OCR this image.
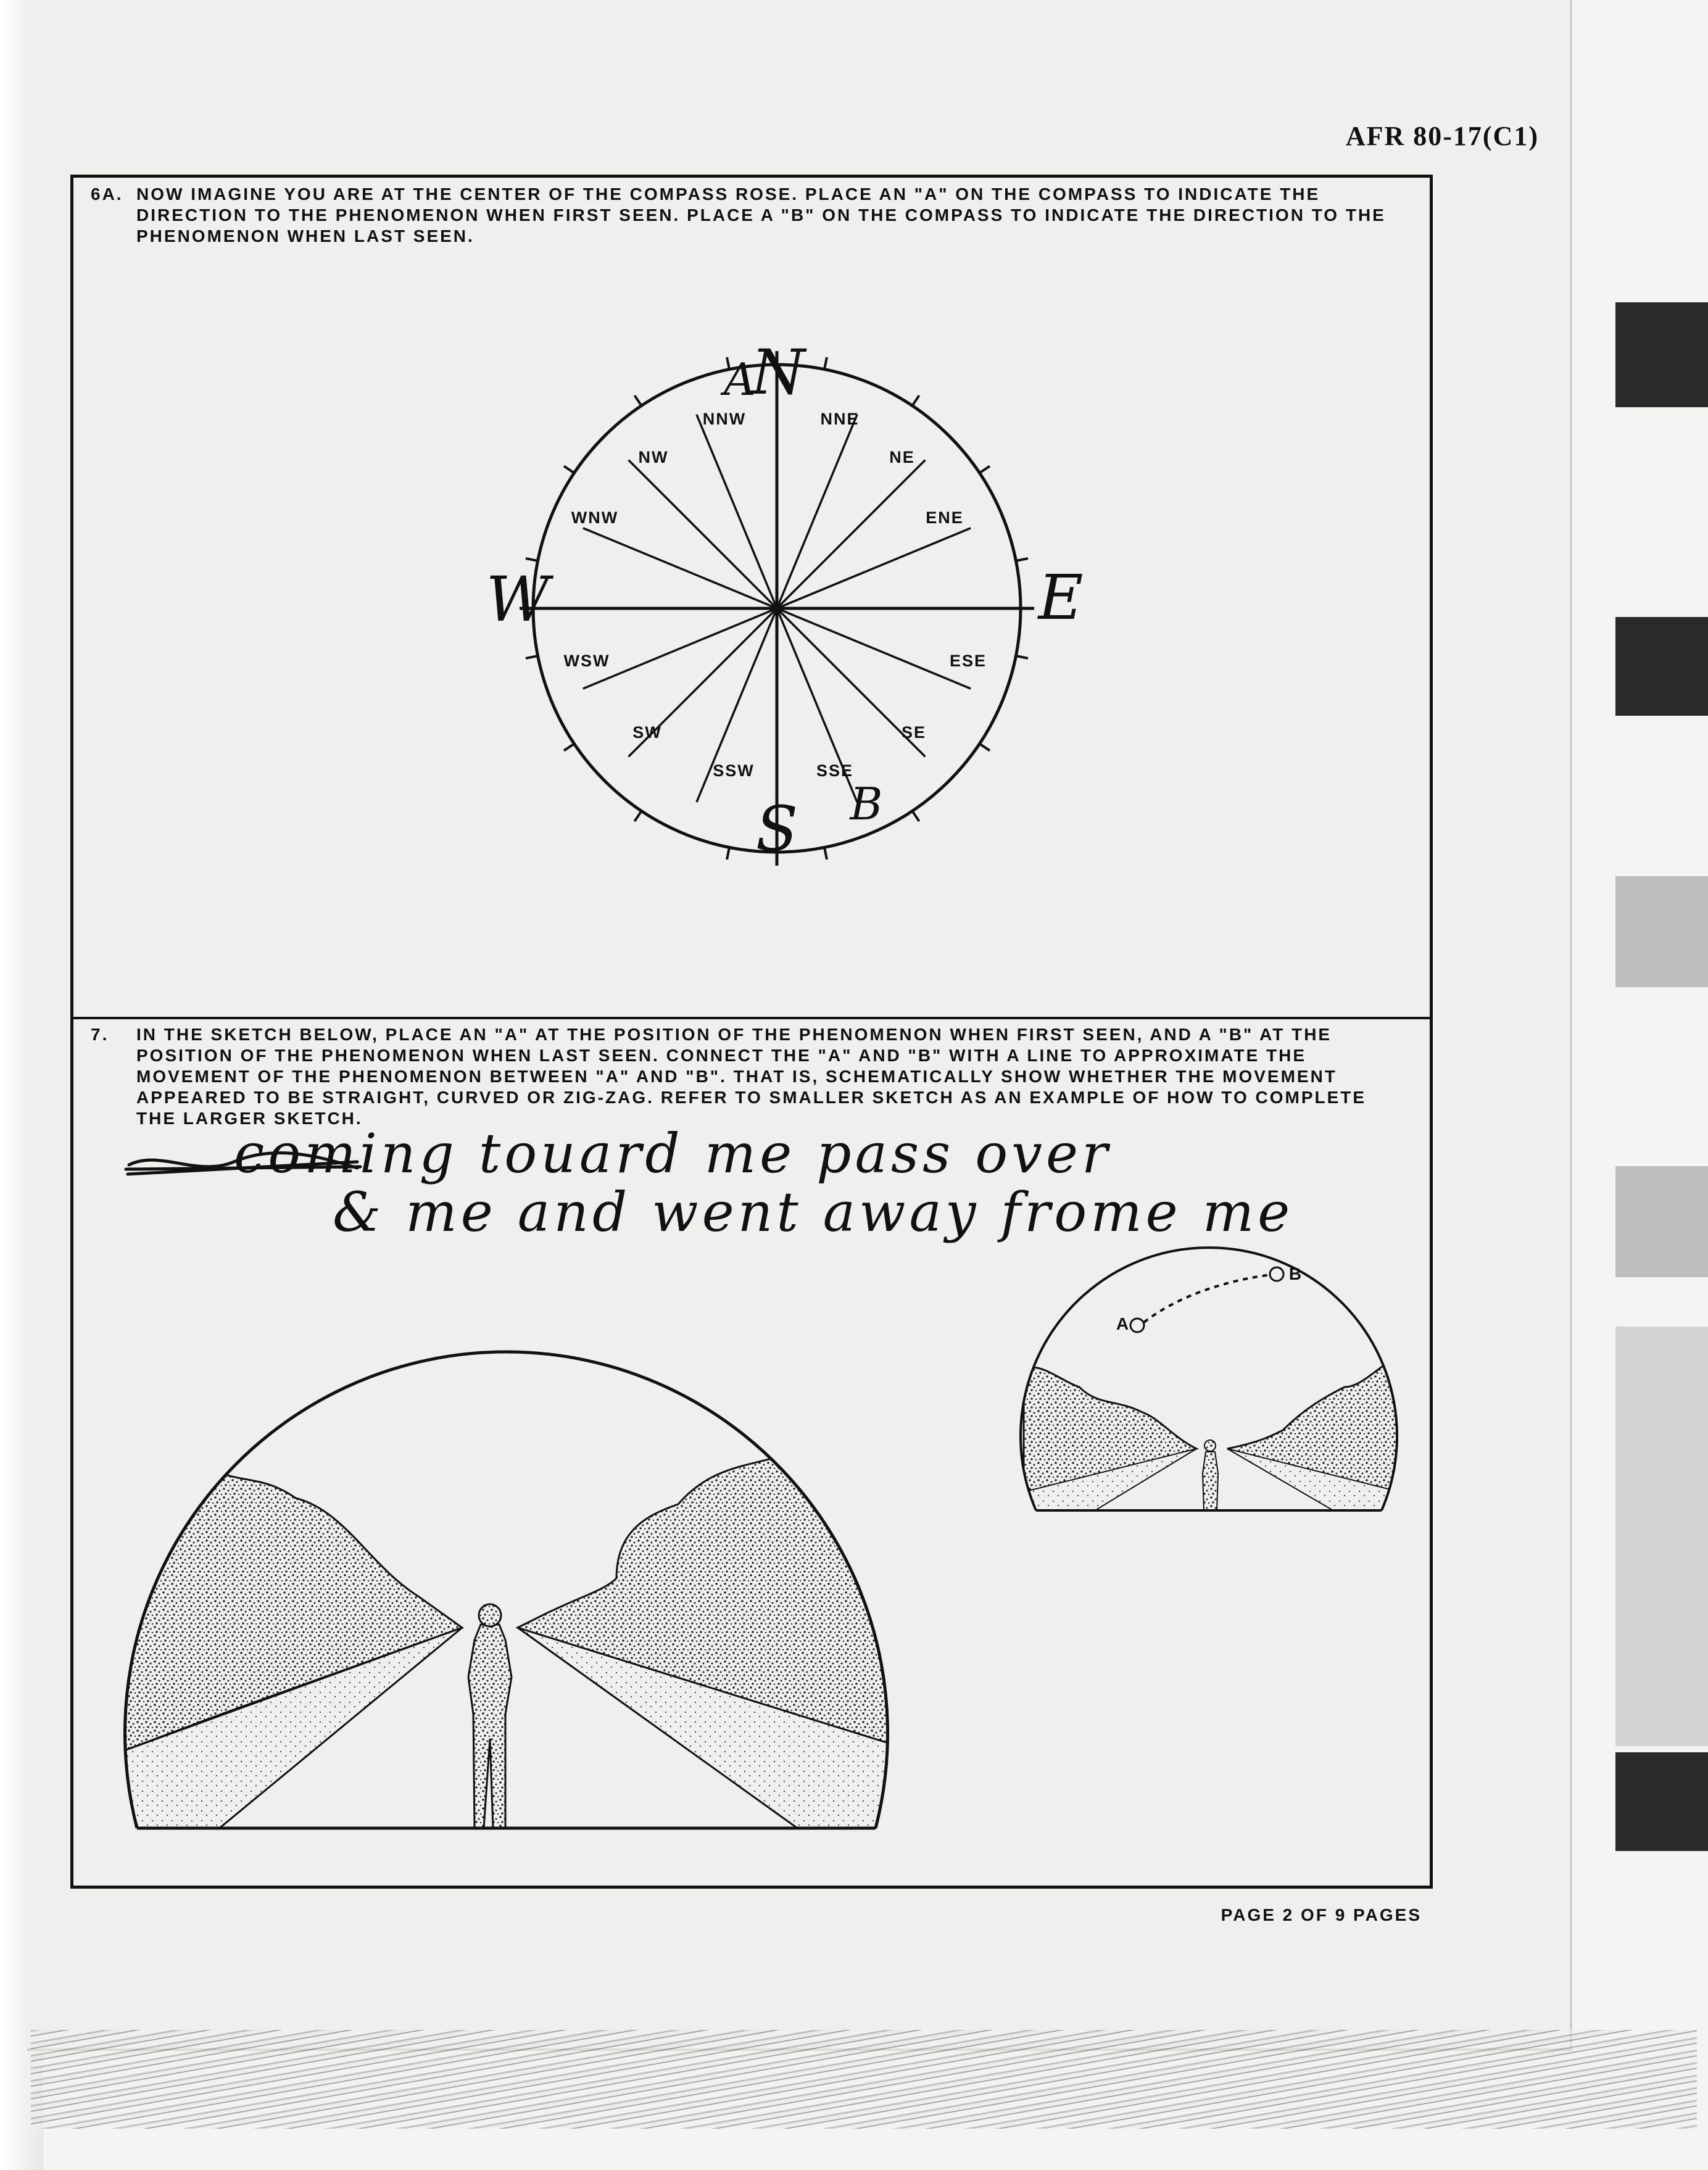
AFR 80-17(C1)

6A. NOW IMAGINE YOU ARE AT THE CENTER OF THE COMPASS ROSE. PLACE AN "A" ON THE COMPASS TO INDICATE THE DIRECTION TO THE PHENOMENON WHEN FIRST SEEN. PLACE A "B" ON THE COMPASS TO INDICATE THE DIRECTION TO THE PHENOMENON WHEN LAST SEEN.

NNW	NNE
NW	NE
WNW	ENE
WSW	ESE
SW	SE
SSW	SSE
N
E
S
W
A
B

7. IN THE SKETCH BELOW, PLACE AN "A" AT THE POSITION OF THE PHENOMENON WHEN FIRST SEEN, AND A "B" AT THE POSITION OF THE PHENOMENON WHEN LAST SEEN. CONNECT THE "A" AND "B" WITH A LINE TO APPROXIMATE THE MOVEMENT OF THE PHENOMENON BETWEEN "A" AND "B". THAT IS, SCHEMATICALLY SHOW WHETHER THE MOVEMENT APPEARED TO BE STRAIGHT, CURVED OR ZIG-ZAG. REFER TO SMALLER SKETCH AS AN EXAMPLE OF HOW TO COMPLETE THE LARGER SKETCH.

coming touard me pass over
& me and went away frome me
A
B
PAGE 2 OF 9 PAGES
